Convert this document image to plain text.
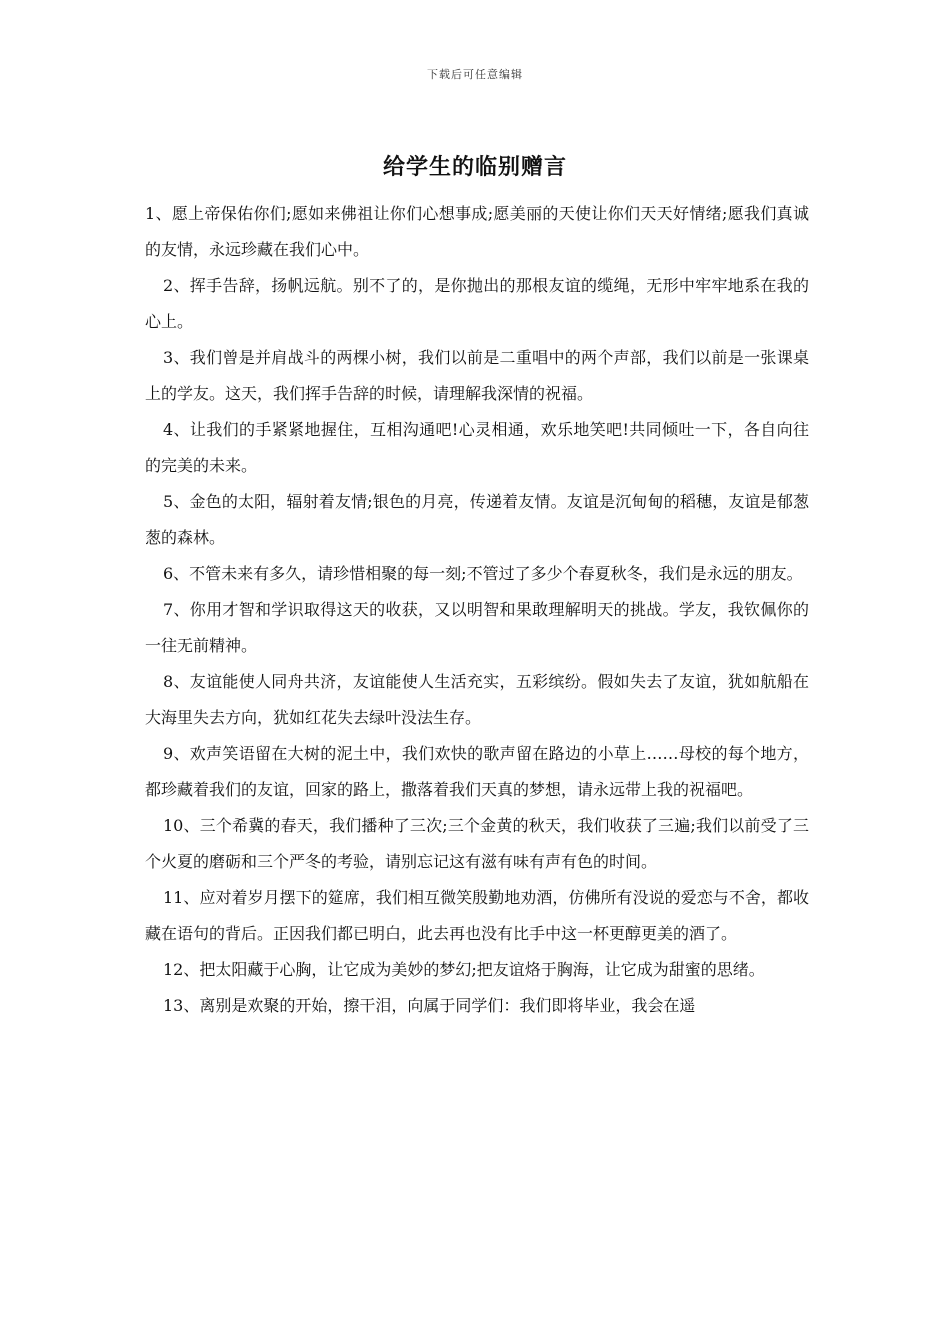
下载后可任意编辑
给学生的临别赠言

1、愿上帝保佑你们;愿如来佛祖让你们心想事成;愿美丽的天使让你们天天好情绪;愿我们真诚的友情，永远珍藏在我们心中。

2、挥手告辞，扬帆远航。别不了的，是你抛出的那根友谊的缆绳，无形中牢牢地系在我的心上。

3、我们曾是并肩战斗的两棵小树，我们以前是二重唱中的两个声部，我们以前是一张课桌上的学友。这天，我们挥手告辞的时候，请理解我深情的祝福。

4、让我们的手紧紧地握住，互相沟通吧!心灵相通，欢乐地笑吧!共同倾吐一下，各自向往的完美的未来。

5、金色的太阳，辐射着友情;银色的月亮，传递着友情。友谊是沉甸甸的稻穗，友谊是郁葱葱的森林。

6、不管未来有多久，请珍惜相聚的每一刻;不管过了多少个春夏秋冬，我们是永远的朋友。

7、你用才智和学识取得这天的收获，又以明智和果敢理解明天的挑战。学友，我钦佩你的一往无前精神。

8、友谊能使人同舟共济，友谊能使人生活充实，五彩缤纷。假如失去了友谊，犹如航船在大海里失去方向，犹如红花失去绿叶没法生存。

9、欢声笑语留在大树的泥土中，我们欢快的歌声留在路边的小草上……母校的每个地方，都珍藏着我们的友谊，回家的路上，撒落着我们天真的梦想，请永远带上我的祝福吧。

10、三个希冀的春天，我们播种了三次;三个金黄的秋天，我们收获了三遍;我们以前受了三个火夏的磨砺和三个严冬的考验，请别忘记这有滋有味有声有色的时间。

11、应对着岁月摆下的筵席，我们相互微笑殷勤地劝酒，仿佛所有没说的爱恋与不舍，都收藏在语句的背后。正因我们都已明白，此去再也没有比手中这一杯更醇更美的酒了。

12、把太阳藏于心胸，让它成为美妙的梦幻;把友谊烙于胸海，让它成为甜蜜的思绪。

13、离别是欢聚的开始，擦干泪，向属于同学们：我们即将毕业，我会在遥
